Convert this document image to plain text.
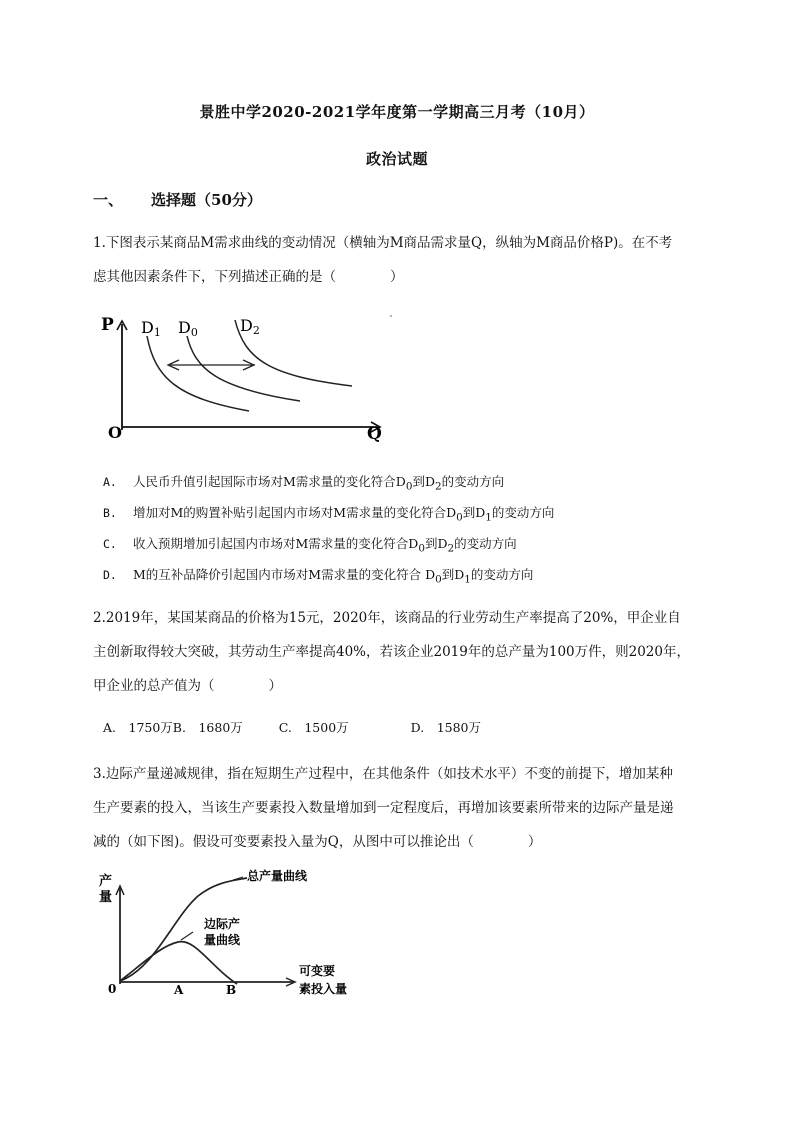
景胜中学2020-2021学年度第一学期高三月考（10月）
政治试题
一、 选择题（50分）
1.下图表示某商品M需求曲线的变动情况（横轴为M商品需求量Q，纵轴为M商品价格P)。在不考
虑其他因素条件下，下列描述正确的是（　　　　）
P
Q
O
D1 D0	D2
A. 人民币升值引起国际市场对M需求量的变化符合$D_0$到$D_2$的变动方向
B. 增加对M的购置补贴引起国内市场对M需求量的变化符合$D_0$到$D_1$的变动方向
C. 收入预期增加引起国内市场对M需求量的变化符合$D_0$到$D_2$的变动方向
D. M的互补品降价引起国内市场对M需求量的变化符合 $D_0$到$D_1$的变动方向
2.2019年，某国某商品的价格为15元，2020年，该商品的行业劳动生产率提高了20%，甲企业自
主创新取得较大突破，其劳动生产率提高40%，若该企业2019年的总产量为100万件，则2020年，
甲企业的总产值为（　　　　）
A.　1750万B.　1680万	C.　1500万	D.　1580万
3.边际产量递减规律，指在短期生产过程中，在其他条件（如技术水平）不变的前提下，增加某种
生产要素的投入，当该生产要素投入数量增加到一定程度后，再增加该要素所带来的边际产量是递
减的（如下图)。假设可变要素投入量为Q，从图中可以推论出（　　　　）
产
量
总产量曲线
边际产
量曲线
可变要
素投入量
0	A	B
